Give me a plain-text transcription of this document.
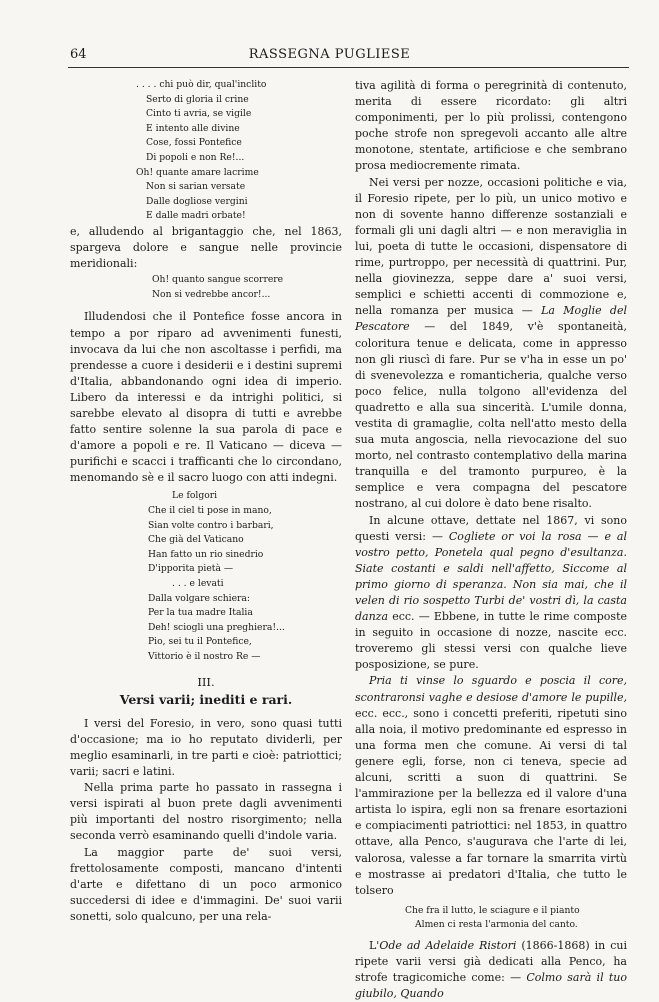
64	RASSEGNA PUGLIESE
. . . . chi può dir, qual'inclito
Serto di gloria il crine
Cinto ti avria, se vigile
E intento alle divine
Cose, fossi Pontefice
Di popoli e non Re!...
Oh! quante amare lacrime
Non si sarian versate
Dalle dogliose vergini
E dalle madri orbate!

e, alludendo al brigantaggio che, nel 1863, spargeva dolore e sangue nelle provincie meridionali:

Oh! quanto sangue scorrere
Non si vedrebbe ancor!...

Illudendosi che il Pontefice fosse ancora in tempo a por riparo ad avvenimenti funesti, invocava da lui che non ascoltasse i perfidi, ma prendesse a cuore i desiderii e i destini supremi d'Italia, abbandonando ogni idea di imperio. Libero da interessi e da intrighi politici, si sarebbe elevato al disopra di tutti e avrebbe fatto sentire solenne la sua parola di pace e d'amore a popoli e re. Il Vaticano — diceva — purifichi e scacci i trafficanti che lo circondano, menomando sè e il sacro luogo con atti indegni.

Le folgori
Che il ciel ti pose in mano,
Sian volte contro i barbari,
Che già del Vaticano
Han fatto un rio sinedrio
D'ipporita pietà —
. . . e levati
Dalla volgare schiera:
Per la tua madre Italia
Deh! sciogli una preghiera!...
Pio, sei tu il Pontefice,
Vittorio è il nostro Re —
III.
Versi varii; inediti e rari.

I versi del Foresio, in vero, sono quasi tutti d'occasione; ma io ho reputato dividerli, per meglio esaminarli, in tre parti e cioè: patriottici; varii; sacri e latini.

Nella prima parte ho passato in rassegna i versi ispirati al buon prete dagli avvenimenti più importanti del nostro risorgimento; nella seconda verrò esaminando quelli d'indole varia.

La maggior parte de' suoi versi, frettolosamente composti, mancano d'intenti d'arte e difettano di un poco armonico succedersi di idee e d'immagini. De' suoi varii sonetti, solo qualcuno, per una rela-

tiva agilità di forma o peregrinità di contenuto, merita di essere ricordato: gli altri componimenti, per lo più prolissi, contengono poche strofe non spregevoli accanto alle altre monotone, stentate, artificiose e che sembrano prosa mediocremente rimata.

Nei versi per nozze, occasioni politiche e via, il Foresio ripete, per lo più, un unico motivo e non di sovente hanno differenze sostanziali e formali gli uni dagli altri — e non meraviglia in lui, poeta di tutte le occasioni, dispensatore di rime, purtroppo, per necessità di quattrini. Pur, nella giovinezza, seppe dare a' suoi versi, semplici e schietti accenti di commozione e, nella romanza per musica — La Moglie del Pescatore — del 1849, v'è spontaneità, coloritura tenue e delicata, come in appresso non gli riuscì di fare. Pur se v'ha in esse un po' di svenevolezza e romanticheria, qualche verso poco felice, nulla tolgono all'evidenza del quadretto e alla sua sincerità. L'umile donna, vestita di gramaglie, colta nell'atto mesto della sua muta angoscia, nella rievocazione del suo morto, nel contrasto contemplativo della marina tranquilla e del tramonto purpureo, è la semplice e vera compagna del pescatore nostrano, al cui dolore è dato bene risalto.

In alcune ottave, dettate nel 1867, vi sono questi versi: — Cogliete or voi la rosa — e al vostro petto, Ponetela qual pegno d'esultanza. Siate costanti e saldi nell'affetto, Siccome al primo giorno di speranza. Non sia mai, che il velen di rio sospetto Turbi de' vostri dì, la casta danza ecc. — Ebbene, in tutte le rime composte in seguito in occasione di nozze, nascite ecc. troveremo gli stessi versi con qualche lieve posposizione, se pure.

Pria ti vinse lo sguardo e poscia il core, scontraronsi vaghe e desiose d'amore le pupille, ecc. ecc., sono i concetti preferiti, ripetuti sino alla noia, il motivo predominante ed espresso in una forma men che comune. Ai versi di tal genere egli, forse, non ci teneva, specie ad alcuni, scritti a suon di quattrini. Se l'ammirazione per la bellezza ed il valore d'una artista lo ispira, egli non sa frenare esortazioni e compiacimenti patriottici: nel 1853, in quattro ottave, alla Penco, s'augurava che l'arte di lei, valorosa, valesse a far tornare la smarrita virtù e mostrasse ai predatori d'Italia, che tutto le tolsero

Che fra il lutto, le sciagure e il pianto
Almen ci resta l'armonia del canto.

L'Ode ad Adelaide Ristori (1866-1868) in cui ripete varii versi già dedicati alla Penco, ha strofe tragicomiche come: — Colmo sarà il tuo giubilo, Quando
